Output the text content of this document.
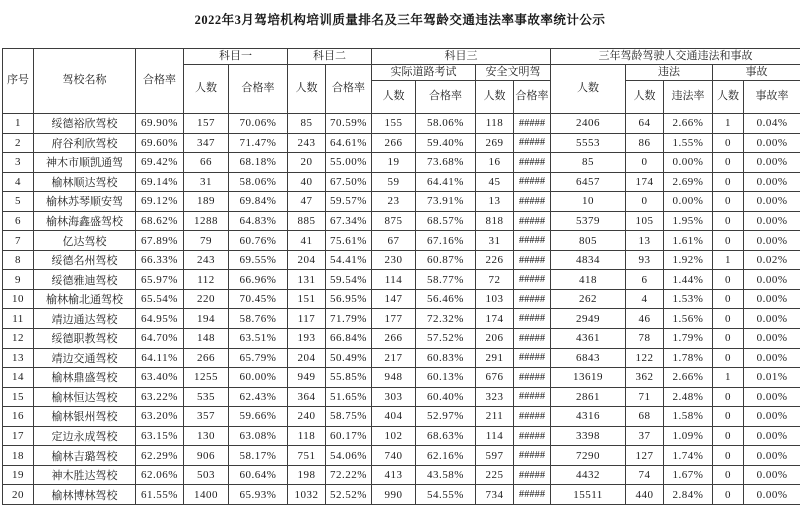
2022年3月驾培机构培训质量排名及三年驾龄交通违法率事故率统计公示
序号	驾校名称	合格率	科目一		科目二		科目三				三年驾龄驾驶人交通违法和事故				
			人数	合格率	人数	合格率	实际道路考试		安全文明驾		人数	违法		事故	
							人数	合格率	人数	合格率		人数	违法率	人数	事故率
1	绥德裕欣驾校	69.90%	157	70.06%	85	70.59%	155	58.06%	118	#####	2406	64	2.66%	1	0.04%
2	府谷利欣驾校	69.60%	347	71.47%	243	64.61%	266	59.40%	269	#####	5553	86	1.55%	0	0.00%
3	神木市顺凯通驾	69.42%	66	68.18%	20	55.00%	19	73.68%	16	#####	85	0	0.00%	0	0.00%
4	榆林顺达驾校	69.14%	31	58.06%	40	67.50%	59	64.41%	45	#####	6457	174	2.69%	0	0.00%
5	榆林苏琴顺安驾	69.12%	189	69.84%	47	59.57%	23	73.91%	13	#####	10	0	0.00%	0	0.00%
6	榆林海鑫盛驾校	68.62%	1288	64.83%	885	67.34%	875	68.57%	818	#####	5379	105	1.95%	0	0.00%
7	亿达驾校	67.89%	79	60.76%	41	75.61%	67	67.16%	31	#####	805	13	1.61%	0	0.00%
8	绥德名州驾校	66.33%	243	69.55%	204	54.41%	230	60.87%	226	#####	4834	93	1.92%	1	0.02%
9	绥德雅迪驾校	65.97%	112	66.96%	131	59.54%	114	58.77%	72	#####	418	6	1.44%	0	0.00%
10	榆林榆北通驾校	65.54%	220	70.45%	151	56.95%	147	56.46%	103	#####	262	4	1.53%	0	0.00%
11	靖边通达驾校	64.95%	194	58.76%	117	71.79%	177	72.32%	174	#####	2949	46	1.56%	0	0.00%
12	绥德职教驾校	64.70%	148	63.51%	193	66.84%	266	57.52%	206	#####	4361	78	1.79%	0	0.00%
13	靖边交通驾校	64.11%	266	65.79%	204	50.49%	217	60.83%	291	#####	6843	122	1.78%	0	0.00%
14	榆林鼎盛驾校	63.40%	1255	60.00%	949	55.85%	948	60.13%	676	#####	13619	362	2.66%	1	0.01%
15	榆林恒达驾校	63.22%	535	62.43%	364	51.65%	303	60.40%	323	#####	2861	71	2.48%	0	0.00%
16	榆林银州驾校	63.20%	357	59.66%	240	58.75%	404	52.97%	211	#####	4316	68	1.58%	0	0.00%
17	定边永成驾校	63.15%	130	63.08%	118	60.17%	102	68.63%	114	#####	3398	37	1.09%	0	0.00%
18	榆林吉璐驾校	62.29%	906	58.17%	751	54.06%	740	62.16%	597	#####	7290	127	1.74%	0	0.00%
19	神木胜达驾校	62.06%	503	60.64%	198	72.22%	413	43.58%	225	#####	4432	74	1.67%	0	0.00%
20	榆林博林驾校	61.55%	1400	65.93%	1032	52.52%	990	54.55%	734	#####	15511	440	2.84%	0	0.00%
